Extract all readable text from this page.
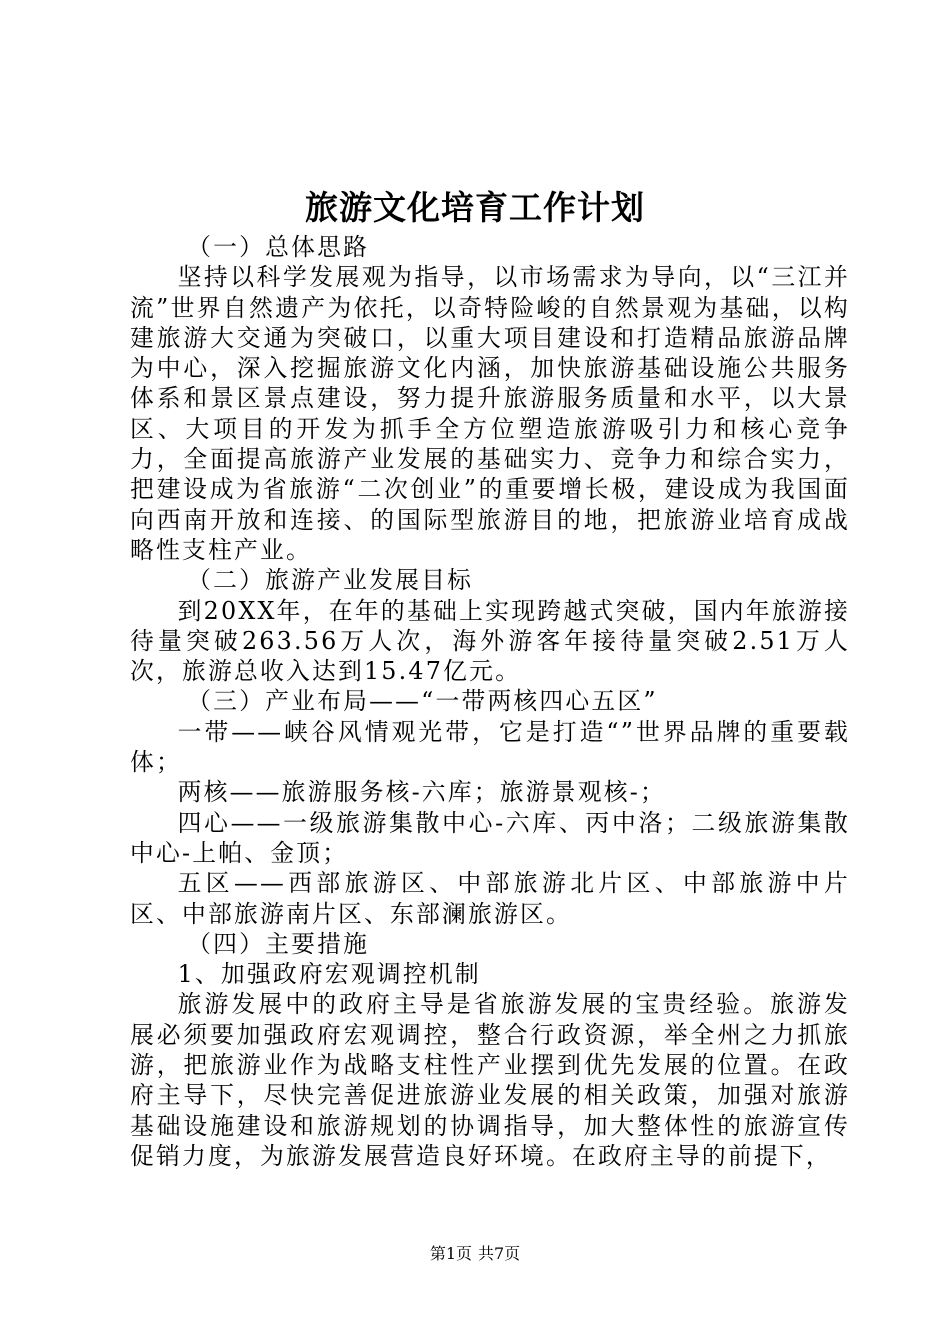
旅游文化培育工作计划

（一）总体思路

坚持以科学发展观为指导，以市场需求为导向，以“三江并流”世界自然遗产为依托，以奇特险峻的自然景观为基础，以构建旅游大交通为突破口，以重大项目建设和打造精品旅游品牌为中心，深入挖掘旅游文化内涵，加快旅游基础设施公共服务体系和景区景点建设，努力提升旅游服务质量和水平，以大景区、大项目的开发为抓手全方位塑造旅游吸引力和核心竞争力，全面提高旅游产业发展的基础实力、竞争力和综合实力，把建设成为省旅游“二次创业”的重要增长极，建设成为我国面向西南开放和连接、的国际型旅游目的地，把旅游业培育成战略性支柱产业。

（二）旅游产业发展目标

到20XX年，在年的基础上实现跨越式突破，国内年旅游接待量突破263.56万人次，海外游客年接待量突破2.51万人次，旅游总收入达到15.47亿元。

（三）产业布局——“一带两核四心五区”

一带——峡谷风情观光带，它是打造“”世界品牌的重要载体；

两核——旅游服务核-六库；旅游景观核-；

四心——一级旅游集散中心-六库、丙中洛；二级旅游集散中心-上帕、金顶；

五区——西部旅游区、中部旅游北片区、中部旅游中片区、中部旅游南片区、东部澜旅游区。

（四）主要措施

1、加强政府宏观调控机制

旅游发展中的政府主导是省旅游发展的宝贵经验。旅游发展必须要加强政府宏观调控，整合行政资源，举全州之力抓旅游，把旅游业作为战略支柱性产业摆到优先发展的位置。在政府主导下，尽快完善促进旅游业发展的相关政策，加强对旅游基础设施建设和旅游规划的协调指导，加大整体性的旅游宣传促销力度，为旅游发展营造良好环境。在政府主导的前提下，

第1页 共7页
